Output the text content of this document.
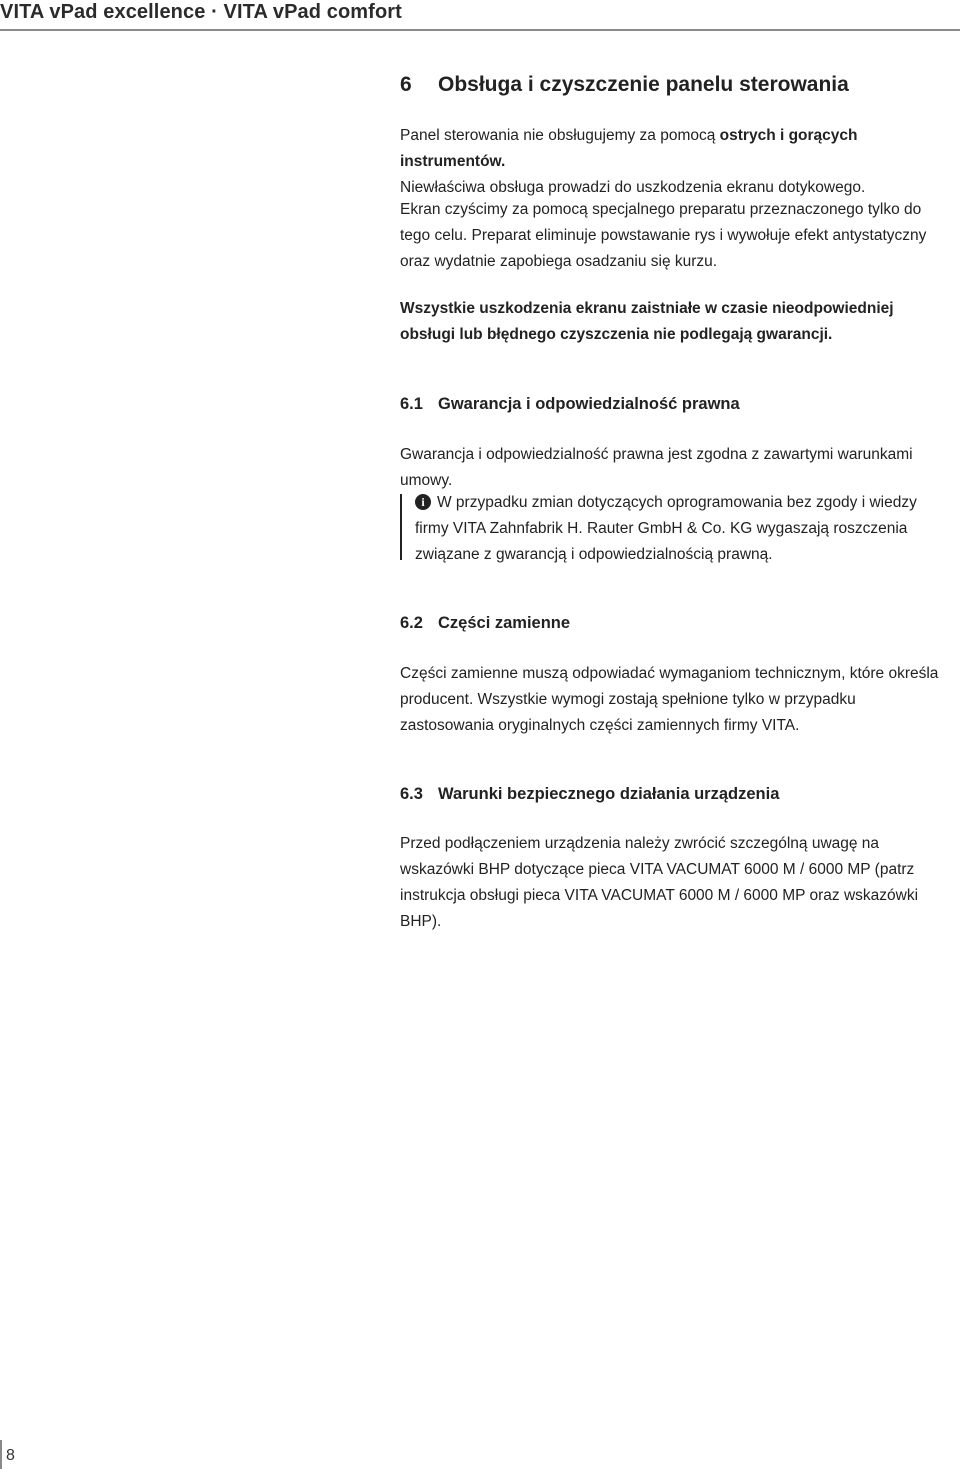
VITA vPad excellence · VITA vPad comfort
6 Obsługa i czyszczenie panelu sterowania

Panel sterowania nie obsługujemy za pomocą ostrych i gorących instrumentów.
Niewłaściwa obsługa prowadzi do uszkodzenia ekranu dotykowego.

Ekran czyścimy za pomocą specjalnego preparatu przeznaczonego tylko do tego celu. Preparat eliminuje powstawanie rys i wywołuje efekt antystatyczny oraz wydatnie zapobiega osadzaniu się kurzu.

Wszystkie uszkodzenia ekranu zaistniałe w czasie nieodpowiedniej obsługi lub błędnego czyszczenia nie podlegają gwarancji.

6.1 Gwarancja i odpowiedzialność prawna

Gwarancja i odpowiedzialność prawna jest zgodna z zawartymi warunkami umowy.

i W przypadku zmian dotyczących oprogramowania bez zgody i wiedzy firmy VITA Zahnfabrik H. Rauter GmbH & Co. KG wygaszają roszczenia związane z gwarancją i odpowiedzialnością prawną.

6.2 Części zamienne

Części zamienne muszą odpowiadać wymaganiom technicznym, które określa producent. Wszystkie wymogi zostają spełnione tylko w przypadku zastosowania oryginalnych części zamiennych firmy VITA.

6.3 Warunki bezpiecznego działania urządzenia

Przed podłączeniem urządzenia należy zwrócić szczególną uwagę na wskazówki BHP dotyczące pieca VITA VACUMAT 6000 M / 6000 MP (patrz instrukcja obsługi pieca VITA VACUMAT 6000 M / 6000 MP oraz wskazówki BHP).

8
